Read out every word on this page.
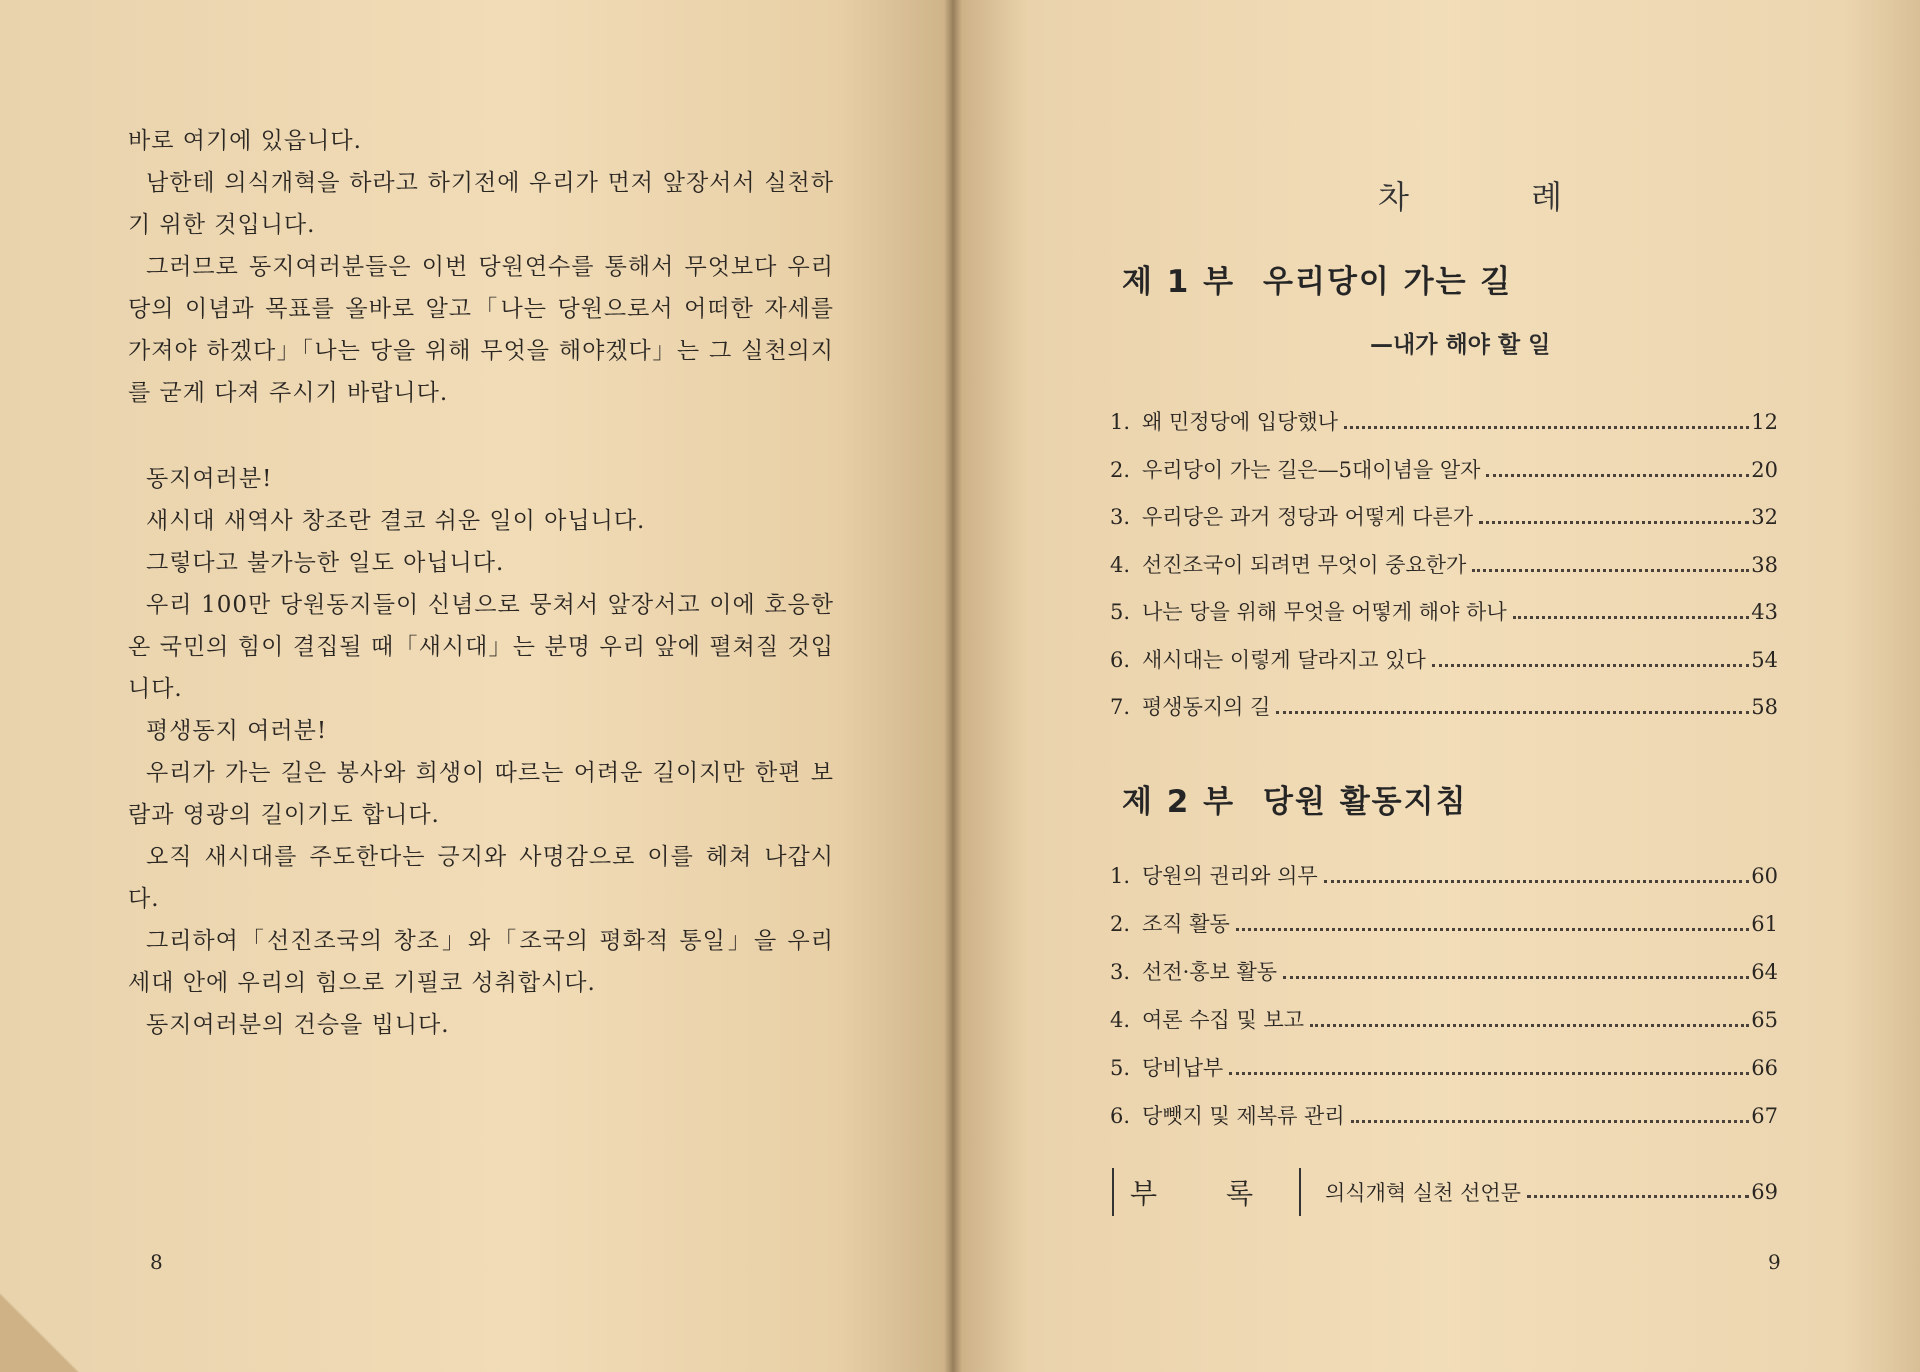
바로 여기에 있읍니다.

남한테 의식개혁을 하라고 하기전에 우리가 먼저 앞장서서 실천하기 위한 것입니다.

그러므로 동지여러분들은 이번 당원연수를 통해서 무엇보다 우리당의 이념과 목표를 올바로 알고「나는 당원으로서 어떠한 자세를 가져야 하겠다」「나는 당을 위해 무엇을 해야겠다」는 그 실천의지를 굳게 다져 주시기 바랍니다.

동지여러분!

새시대 새역사 창조란 결코 쉬운 일이 아닙니다.

그렇다고 불가능한 일도 아닙니다.

우리 100만 당원동지들이 신념으로 뭉쳐서 앞장서고 이에 호응한 온 국민의 힘이 결집될 때「새시대」는 분명 우리 앞에 펼쳐질 것입니다.

평생동지 여러분!

우리가 가는 길은 봉사와 희생이 따르는 어려운 길이지만 한편 보람과 영광의 길이기도 합니다.

오직 새시대를 주도한다는 긍지와 사명감으로 이를 헤쳐 나갑시다.

그리하여「선진조국의 창조」와「조국의 평화적 통일」을 우리 세대 안에 우리의 힘으로 기필코 성취합시다.

동지여러분의 건승을 빕니다.

8
차 례
제 1 부 우리당이 가는 길
—내가 해야 할 일
1. 왜 민정당에 입당했나	12
2. 우리당이 가는 길은—5대이념을 알자	20
3. 우리당은 과거 정당과 어떻게 다른가	32
4. 선진조국이 되려면 무엇이 중요한가	38
5. 나는 당을 위해 무엇을 어떻게 해야 하나	43
6. 새시대는 이렇게 달라지고 있다	54
7. 평생동지의 길	58
제 2 부 당원 활동지침
1. 당원의 권리와 의무	60
2. 조직 활동	61
3. 선전·홍보 활동	64
4. 여론 수집 및 보고	65
5. 당비납부	66
6. 당뺏지 및 제복류 관리	67
부 록	의식개혁 실천 선언문	69
9
